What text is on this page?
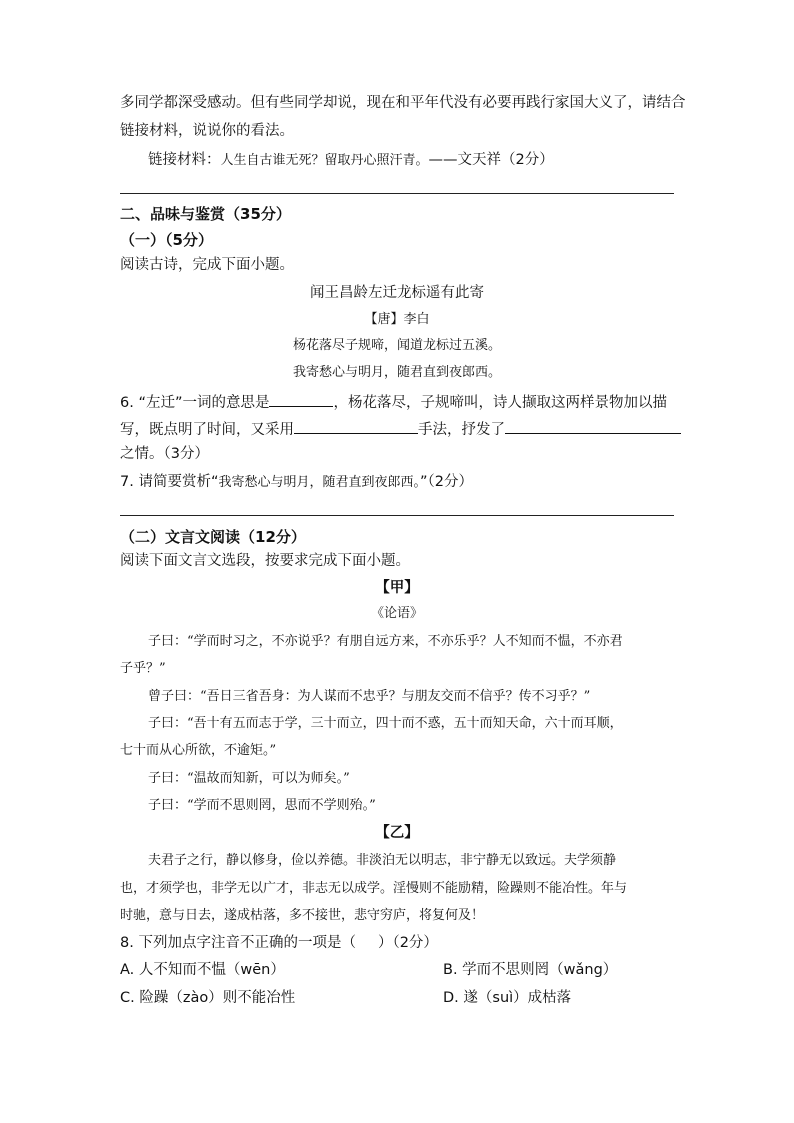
多同学都深受感动。但有些同学却说，现在和平年代没有必要再践行家国大义了，请结合
链接材料，说说你的看法。
链接材料：人生自古谁无死？留取丹心照汗青。——文天祥（2分）
二、品味与鉴赏（35分）
（一）（5分）
阅读古诗，完成下面小题。
闻王昌龄左迁龙标遥有此寄
【唐】李白
杨花落尽子规啼，闻道龙标过五溪。
我寄愁心与明月，随君直到夜郎西。
6. “左迁”一词的意思是	，杨花落尽，子规啼叫，诗人撷取这两样景物加以描
写，既点明了时间，又采用	手法，抒发了
之情。（3分）
7. 请简要赏析“我寄愁心与明月，随君直到夜郎西。”（2分）
（二）文言文阅读（12分）
阅读下面文言文选段，按要求完成下面小题。
【甲】
《论语》
子曰：“学而时习之，不亦说乎？有朋自远方来，不亦乐乎？人不知而不愠，不亦君
子乎？”
曾子曰：“吾日三省吾身：为人谋而不忠乎？与朋友交而不信乎？传不习乎？”
子曰：“吾十有五而志于学，三十而立，四十而不惑，五十而知天命，六十而耳顺，
七十而从心所欲，不逾矩。”
子曰：“温故而知新，可以为师矣。”
子曰：“学而不思则罔，思而不学则殆。”
【乙】
夫君子之行，静以修身，俭以养德。非淡泊无以明志，非宁静无以致远。夫学须静
也，才须学也，非学无以广才，非志无以成学。淫慢则不能励精，险躁则不能冶性。年与
时驰，意与日去，遂成枯落，多不接世，悲守穷庐，将复何及！
8. 下列加点字注音不正确的一项是（ ）（2分）
A. 人不知而不愠（wēn）	B. 学而不思则罔（wǎng）
C. 险躁（zào）则不能冶性	D. 遂（suì）成枯落
